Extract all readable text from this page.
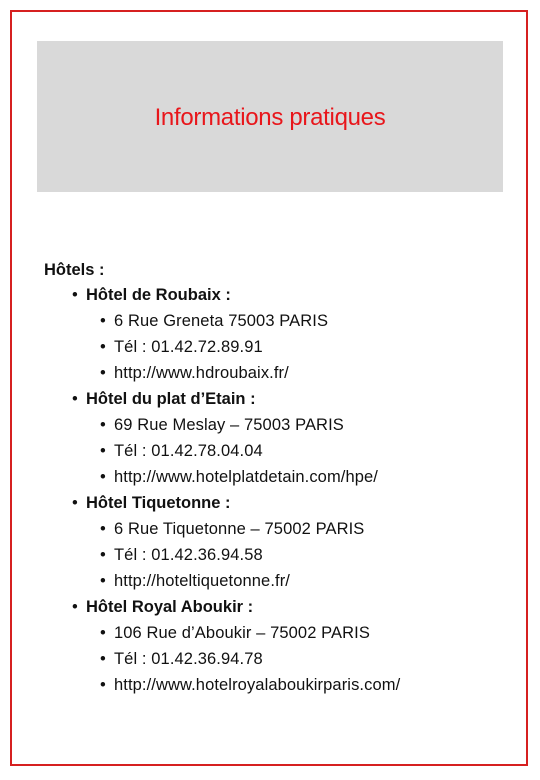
Informations pratiques
Hôtels :
• Hôtel de Roubaix :
• 6 Rue Greneta 75003 PARIS
• Tél : 01.42.72.89.91
• http://www.hdroubaix.fr/
• Hôtel du plat d’Etain :
• 69 Rue Meslay – 75003 PARIS
• Tél : 01.42.78.04.04
• http://www.hotelplatdetain.com/hpe/
• Hôtel Tiquetonne :
• 6 Rue Tiquetonne – 75002 PARIS
• Tél : 01.42.36.94.58
• http://hoteltiquetonne.fr/
• Hôtel Royal Aboukir :
• 106 Rue d’Aboukir – 75002 PARIS
• Tél : 01.42.36.94.78
• http://www.hotelroyalaboukirparis.com/
